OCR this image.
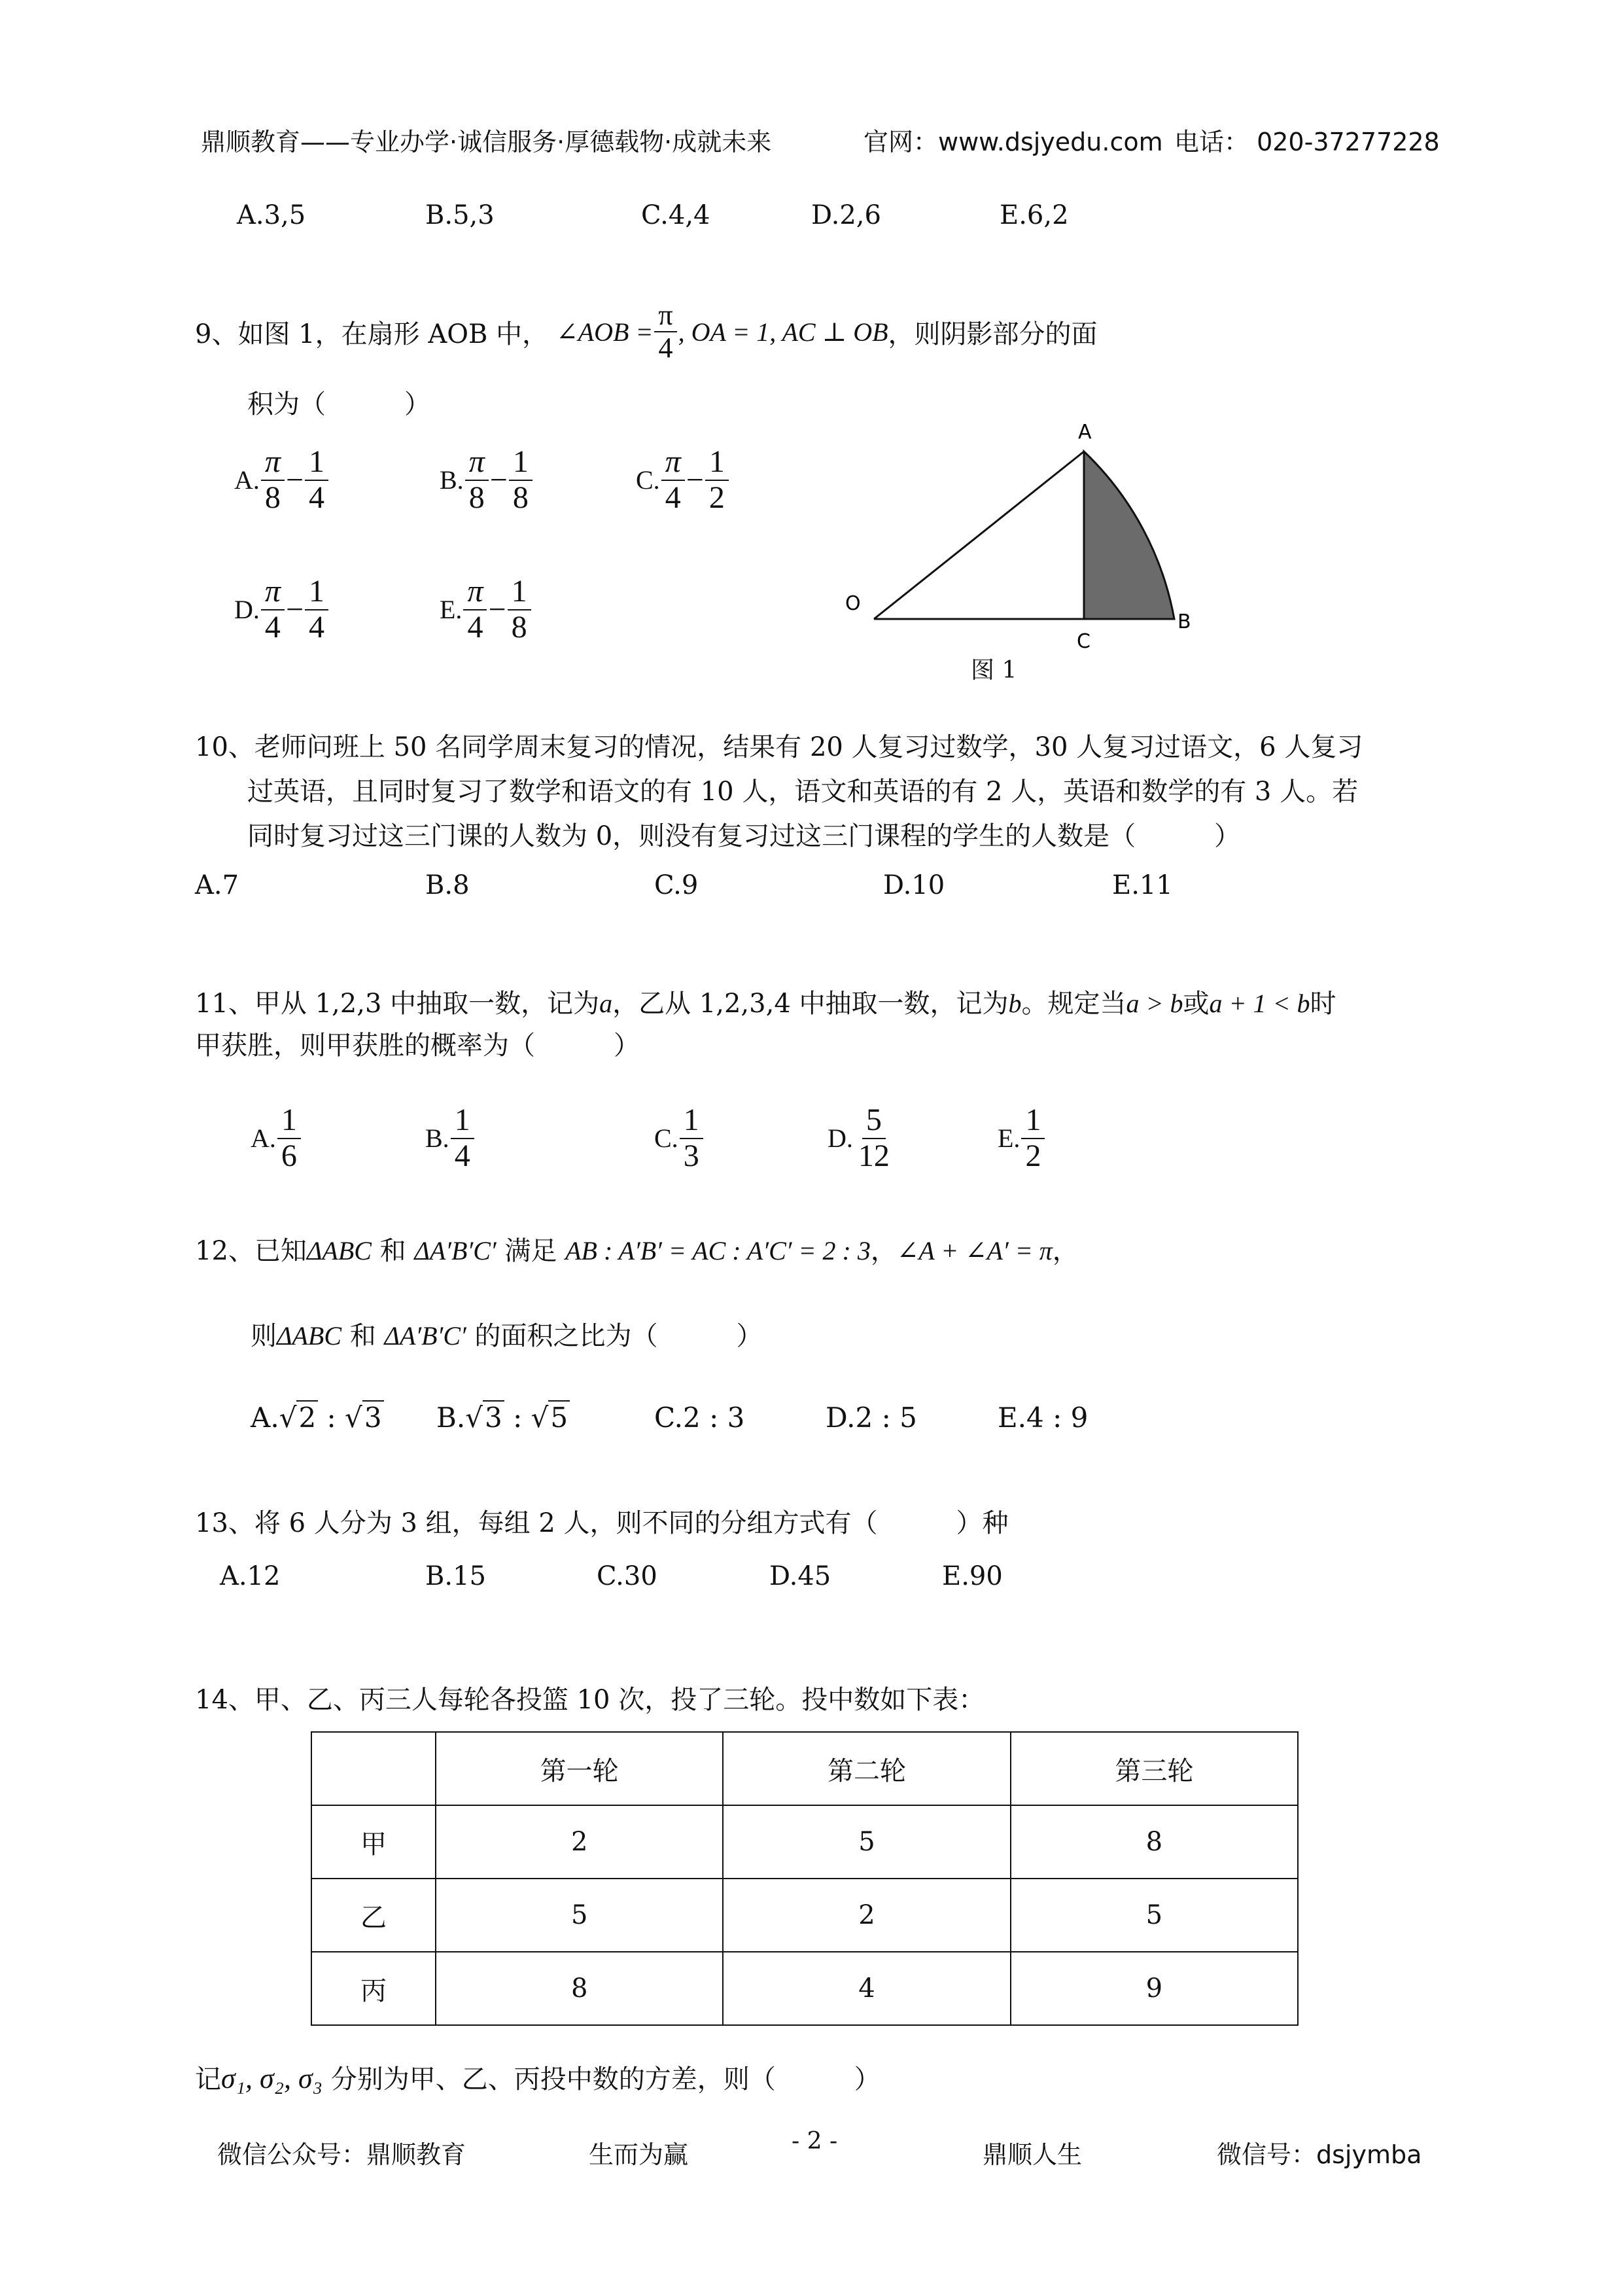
鼎顺教育——专业办学·诚信服务·厚德载物·成就未来	官网：www.dsjyedu.com 电话： 020-37277228
A.3,5	B.5,3	C.4,4	D.2,6	E.6,2
9、如图 1，在扇形 AOB 中， ∠AOB = $\frac{\pi}{4}$ , OA = 1, AC ⊥ OB ，则阴影部分的面
积为（　　　）
A. $\frac{\pi}{8} - \frac{1}{4}$	B. $\frac{\pi}{8} - \frac{1}{8}$	C. $\frac{\pi}{4} - \frac{1}{2}$
D. $\frac{\pi}{4} - \frac{1}{4}$	E. $\frac{\pi}{4} - \frac{1}{8}$
A
O
C
B
图 1
10、老师问班上 50 名同学周末复习的情况，结果有 20 人复习过数学，30 人复习过语文，6 人复习
过英语，且同时复习了数学和语文的有 10 人，语文和英语的有 2 人，英语和数学的有 3 人。若
同时复习过这三门课的人数为 0，则没有复习过这三门课程的学生的人数是（　　　）
A.7	B.8	C.9	D.10	E.11
11、甲从 1,2,3 中抽取一数，记为a，乙从 1,2,3,4 中抽取一数，记为b。规定当a > b或a + 1 < b时
甲获胜，则甲获胜的概率为（　　　）
A. $\frac{1}{6}$	B. $\frac{1}{4}$	C. $\frac{1}{3}$	D. $\frac{5}{12}$	E. $\frac{1}{2}$
12、已知ΔABC 和 ΔA′B′C′ 满足 AB : A′B′ = AC : A′C′ = 2 : 3，∠A + ∠A′ = π，
则ΔABC 和 ΔA′B′C′ 的面积之比为（　　　）
A.√2 : √3 B.√3 : √5	C.2 : 3	D.2 : 5	E.4 : 9
13、将 6 人分为 3 组，每组 2 人，则不同的分组方式有（　　　）种
A.12	B.15	C.30	D.45	E.90
14、甲、乙、丙三人每轮各投篮 10 次，投了三轮。投中数如下表：
	第一轮	第二轮	第三轮
甲	2	5	8
乙	5	2	5
丙	8	4	9
记σ₁, σ₂, σ₃ 分别为甲、乙、丙投中数的方差，则（　　　）
微信公众号：鼎顺教育	生而为赢	- 2 -	鼎顺人生	微信号：dsjymba
